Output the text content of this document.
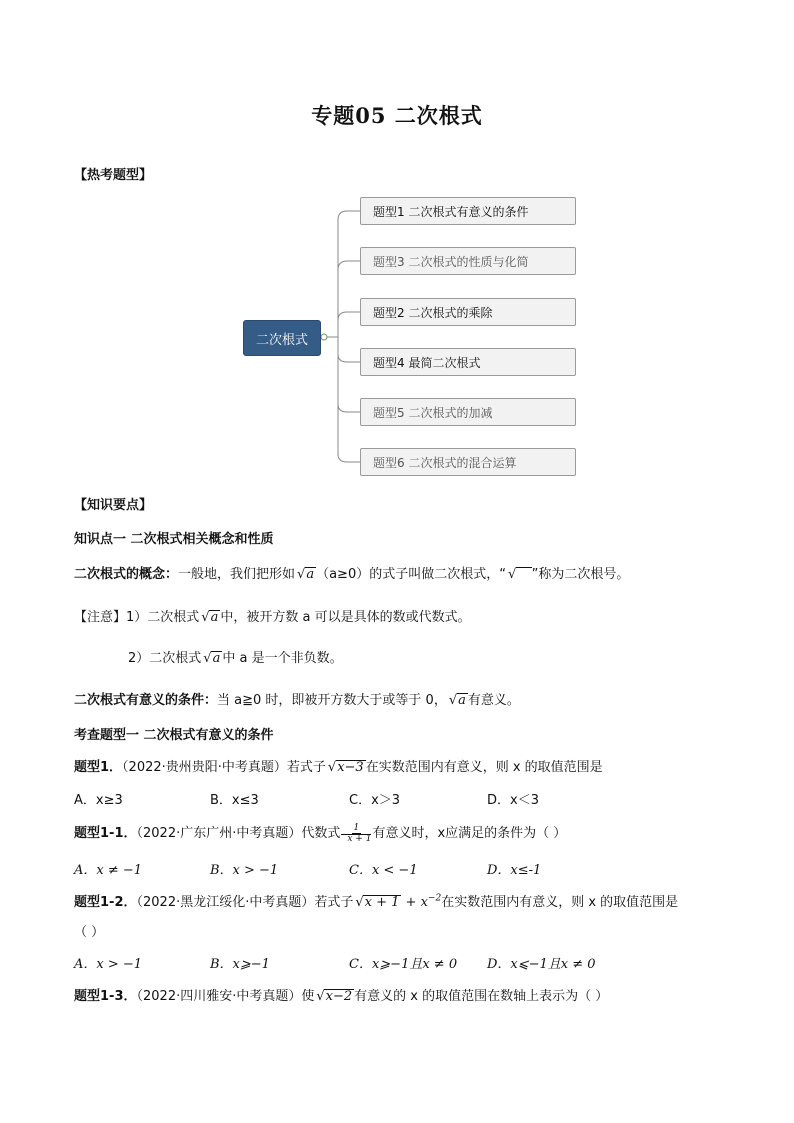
专题05 二次根式
【热考题型】
二次根式
题型1 二次根式有意义的条件
题型3 二次根式的性质与化简
题型2 二次根式的乘除
题型4 最简二次根式
题型5 二次根式的加减
题型6 二次根式的混合运算
【知识要点】
知识点一 二次根式相关概念和性质
二次根式的概念：一般地，我们把形如 √ a （a≥0）的式子叫做二次根式，“ √ ”称为二次根号。
【注意】1）二次根式 √ a 中，被开方数 a 可以是具体的数或代数式。
2）二次根式 √ a 中 a 是一个非负数。
二次根式有意义的条件：当 a≧0 时，即被开方数大于或等于 0， √ a 有意义。
考查题型一 二次根式有意义的条件
题型1．（2022·贵州贵阳·中考真题）若式子 √ x−3 在实数范围内有意义，则 x 的取值范围是
A．x≥3	B．x≤3	C．x＞3	D．x＜3
题型1-1．（2022·广东广州·中考真题）代数式 $\frac{1}{x + 1}$ 有意义时，x应满足的条件为（ ）
A．x ≠ −1	B．x > −1	C．x < −1	D．x≤-1
题型1-2．（2022·黑龙江绥化·中考真题）若式子 √ $x + 1 + x^{-2}$在实数范围内有意义，则 x 的取值范围是
（ ）
A．x > −1	B．x⩾−1	C．x⩾−1且x ≠ 0 D．x⩽−1且x ≠ 0
题型1-3．（2022·四川雅安·中考真题）使 √ x−2 有意义的 x 的取值范围在数轴上表示为（ ）
